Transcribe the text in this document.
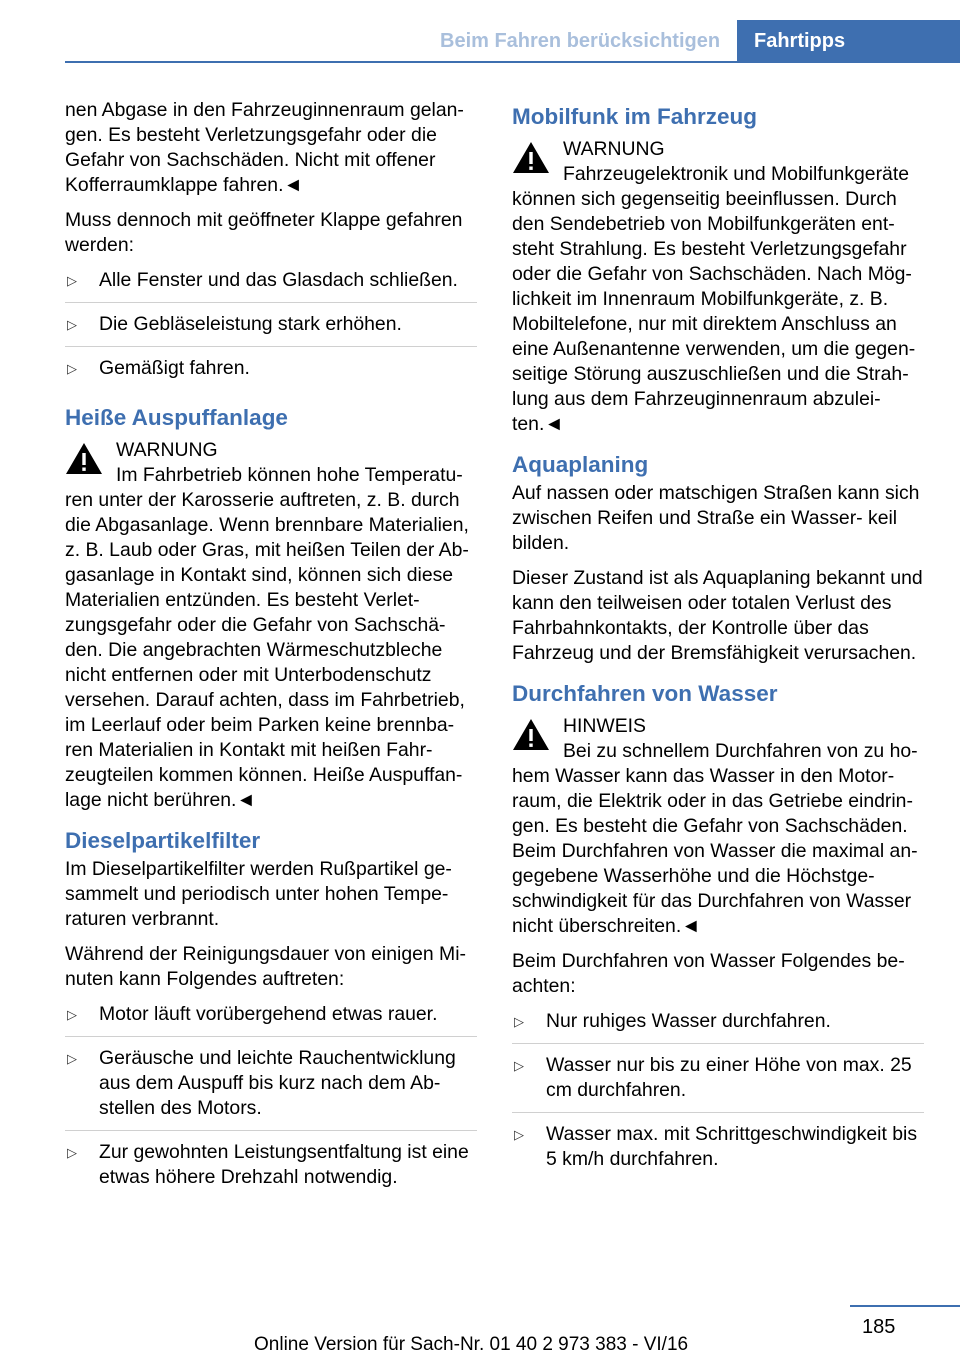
Beim Fahren berücksichtigen Fahrtipps

nen Abgase in den Fahrzeuginnenraum gelan- gen. Es besteht Verletzungsgefahr oder die Gefahr von Sachschäden. Nicht mit offener Kofferraumklappe fahren.◄

Muss dennoch mit geöffneter Klappe gefahren werden:

▷ Alle Fenster und das Glasdach schließen.
▷ Die Gebläseleistung stark erhöhen.
▷ Gemäßigt fahren.
Heiße Auspuffanlage
WARNUNG
Im Fahrbetrieb können hohe Temperatu-

ren unter der Karosserie auftreten, z. B. durch die Abgasanlage. Wenn brennbare Materialien, z. B. Laub oder Gras, mit heißen Teilen der Ab- gasanlage in Kontakt sind, können sich diese Materialien entzünden. Es besteht Verlet- zungsgefahr oder die Gefahr von Sachschä- den. Die angebrachten Wärmeschutzbleche nicht entfernen oder mit Unterbodenschutz versehen. Darauf achten, dass im Fahrbetrieb, im Leerlauf oder beim Parken keine brennba- ren Materialien in Kontakt mit heißen Fahr- zeugteilen kommen können. Heiße Auspuffan- lage nicht berühren.◄

Dieselpartikelfilter

Im Dieselpartikelfilter werden Rußpartikel ge- sammelt und periodisch unter hohen Tempe- raturen verbrannt.

Während der Reinigungsdauer von einigen Mi- nuten kann Folgendes auftreten:

▷ Motor läuft vorübergehend etwas rauer.
▷ Geräusche und leichte Rauchentwicklung aus dem Auspuff bis kurz nach dem Ab- stellen des Motors.
▷ Zur gewohnten Leistungsentfaltung ist eine etwas höhere Drehzahl notwendig.
Mobilfunk im Fahrzeug
WARNUNG
Fahrzeugelektronik und Mobilfunkgeräte

können sich gegenseitig beeinflussen. Durch den Sendebetrieb von Mobilfunkgeräten ent- steht Strahlung. Es besteht Verletzungsgefahr oder die Gefahr von Sachschäden. Nach Mög- lichkeit im Innenraum Mobilfunkgeräte, z. B. Mobiltelefone, nur mit direktem Anschluss an eine Außenantenne verwenden, um die gegen- seitige Störung auszuschließen und die Strah- lung aus dem Fahrzeuginnenraum abzulei- ten.◄

Aquaplaning

Auf nassen oder matschigen Straßen kann sich zwischen Reifen und Straße ein Wasser- keil bilden.

Dieser Zustand ist als Aquaplaning bekannt und kann den teilweisen oder totalen Verlust des Fahrbahnkontakts, der Kontrolle über das Fahrzeug und der Bremsfähigkeit verursachen.

Durchfahren von Wasser
HINWEIS
Bei zu schnellem Durchfahren von zu ho-

hem Wasser kann das Wasser in den Motor- raum, die Elektrik oder in das Getriebe eindrin- gen. Es besteht die Gefahr von Sachschäden. Beim Durchfahren von Wasser die maximal an- gegebene Wasserhöhe und die Höchstge- schwindigkeit für das Durchfahren von Wasser nicht überschreiten.◄

Beim Durchfahren von Wasser Folgendes be- achten:

▷ Nur ruhiges Wasser durchfahren.
▷ Wasser nur bis zu einer Höhe von max. 25 cm durchfahren.
▷ Wasser max. mit Schrittgeschwindigkeit bis 5 km/h durchfahren.
185
Online Version für Sach-Nr. 01 40 2 973 383 - VI/16
